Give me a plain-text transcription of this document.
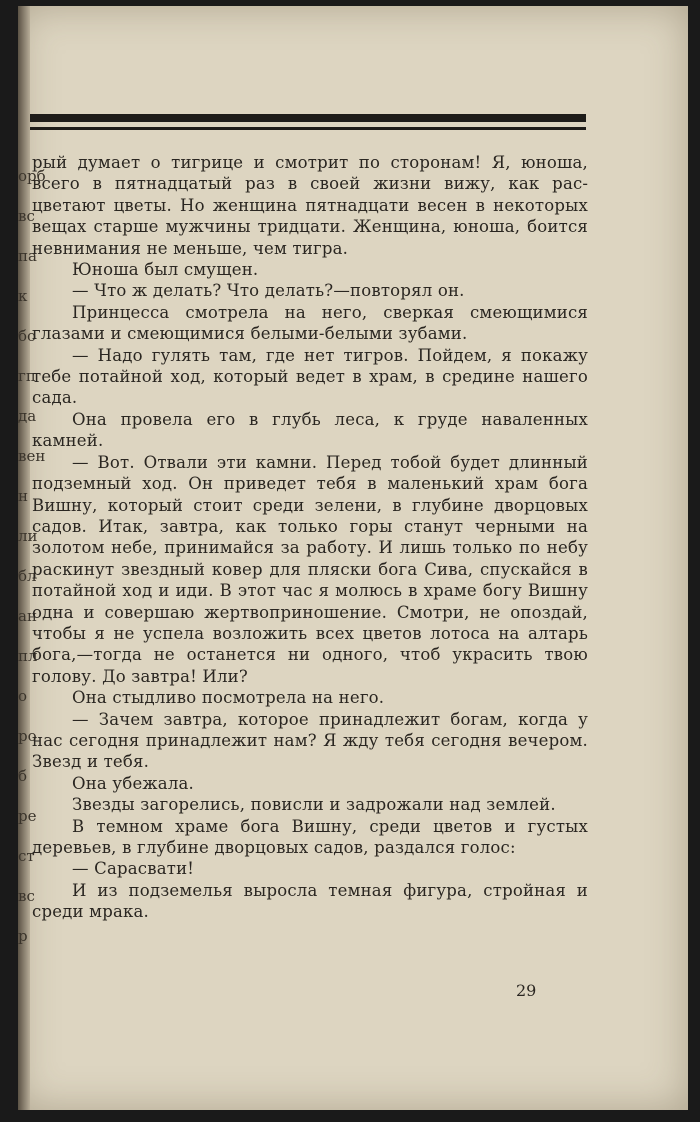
орб
вс
па
к
бо
гп
да
вен
н
ли
бл
ан
пл
о
ро
б
ре
ст
вс
р

рый думает о тигрице и смотрит по сторонам! Я, юноша, всего в пятнадцатый раз в своей жизни вижу, как расцветают цветы. Но женщина пятнадцати весен в некоторых вещах старше мужчины тридцати. Женщина, юноша, боится невнимания не меньше, чем тигра.

Юноша был смущен.

— Что ж делать? Что делать?—повторял он.

Принцесса смотрела на него, сверкая смеющимися глазами и смеющимися белыми-белыми зубами.

— Надо гулять там, где нет тигров. Пойдем, я покажу тебе потайной ход, который ведет в храм, в средине нашего сада.

Она провела его в глубь леса, к груде наваленных камней.

— Вот. Отвали эти камни. Перед тобой будет длинный подземный ход. Он приведет тебя в маленький храм бога Вишну, который стоит среди зелени, в глубине дворцовых садов. Итак, завтра, как только горы станут черными на золотом небе, принимайся за работу. И лишь только по небу раскинут звездный ковер для пляски бога Сива, спускайся в потайной ход и иди. В этот час я молюсь в храме богу Вишну одна и совершаю жертвоприношение. Смотри, не опоздай, чтобы я не успела возложить всех цветов лотоса на алтарь бога,—тогда не останется ни одного, чтоб украсить твою голову. До завтра! Или?

Она стыдливо посмотрела на него.

— Зачем завтра, которое принадлежит богам, когда у нас сегодня принадлежит нам? Я жду тебя сегодня вечером. Звезд и тебя.

Она убежала.

Звезды загорелись, повисли и задрожали над землей.

В темном храме бога Вишну, среди цветов и густых деревьев, в глубине дворцовых садов, раздался голос:

— Сарасвати!

И из подземелья выросла темная фигура, стройная и среди мрака.

29
